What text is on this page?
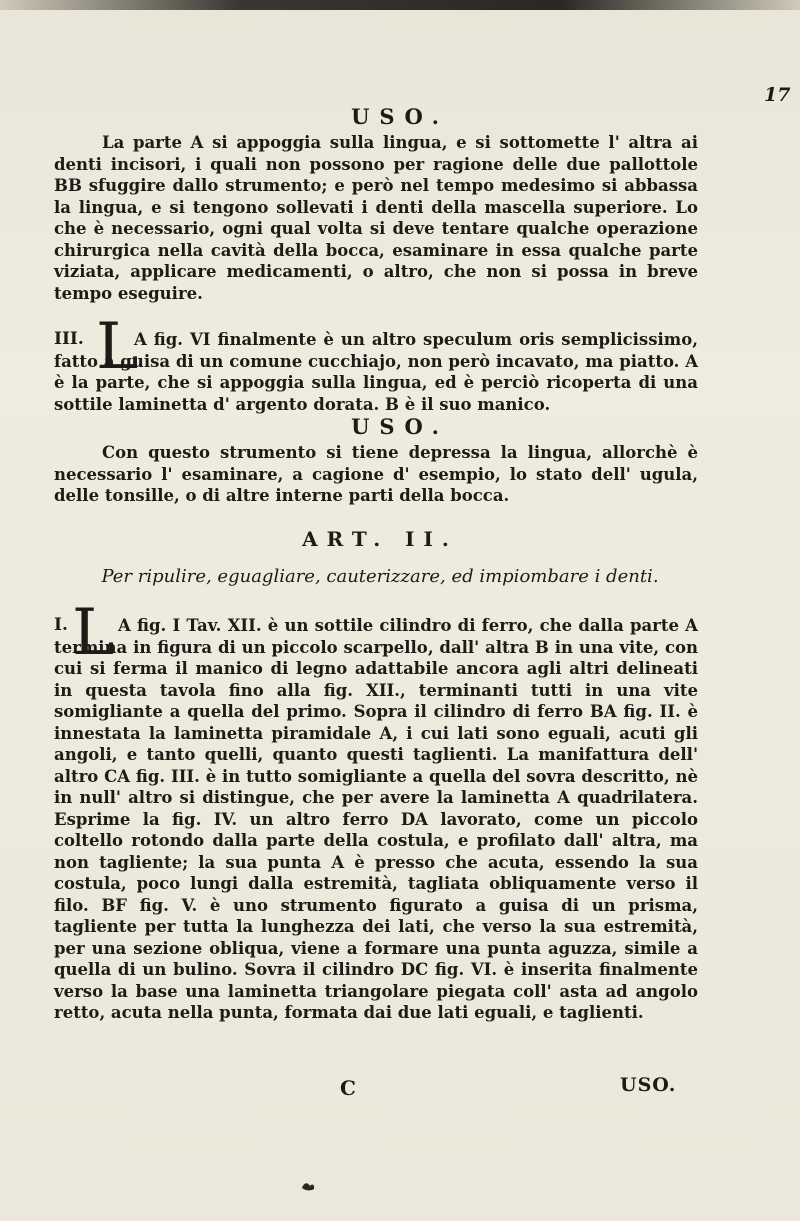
17
USO.
La parte A si appoggia sulla lingua, e si sottomette l' altra ai denti incisori, i quali non possono per ragione delle due pallottole BB sfuggire dallo strumento; e però nel tempo medesimo si abbassa la lingua, e si tengono sollevati i denti della mascella superiore. Lo che è necessario, ogni qual volta si deve tentare qualche operazione chirurgica nella cavità della bocca, esaminare in essa qualche parte viziata, applicare medicamenti, o altro, che non si possa in breve tempo eseguire.
III. L
A fig. VI finalmente è un altro speculum oris semplicissimo, fatto a guisa di un comune cucchiajo, non però incavato, ma piatto. A è la parte, che si appoggia sulla lingua, ed è perciò ricoperta di una sottile laminetta d' argento dorata. B è il suo manico.
USO.
Con questo strumento si tiene depressa la lingua, allorchè è necessario l' esaminare, a cagione d' esempio, lo stato dell' ugula, delle tonsille, o di altre interne parti della bocca.
ART. II.
Per ripulire, eguagliare, cauterizzare, ed impiombare i denti.
I. L A fig. I Tav. XII. è un sottile cilindro di ferro, che dalla parte A termina in figura di un piccolo scarpello, dall' altra B in una vite, con cui si ferma il manico di legno adattabile ancora agli altri delineati in questa tavola fino alla fig. XII., terminanti tutti in una vite somigliante a quella del primo. Sopra il cilindro di ferro BA fig. II. è innestata la laminetta piramidale A, i cui lati sono eguali, acuti gli angoli, e tanto quelli, quanto questi taglienti. La manifattura dell' altro CA fig. III. è in tutto somigliante a quella del sovra descritto, nè in null' altro si distingue, che per avere la laminetta A quadrilatera. Esprime la fig. IV. un altro ferro DA lavorato, come un piccolo coltello rotondo dalla parte della costula, e profilato dall' altra, ma non tagliente; la sua punta A è presso che acuta, essendo la sua costula, poco lungi dalla estremità, tagliata obliquamente verso il filo. BF fig. V. è uno strumento figurato a guisa di un prisma, tagliente per tutta la lunghezza dei lati, che verso la sua estremità, per una sezione obliqua, viene a formare una punta aguzza, simile a quella di un bulino. Sovra il cilindro DC fig. VI. è inserita finalmente verso la base una laminetta triangolare piegata coll' asta ad angolo retto, acuta nella punta, formata dai due lati eguali, e taglienti.
C	USO.
